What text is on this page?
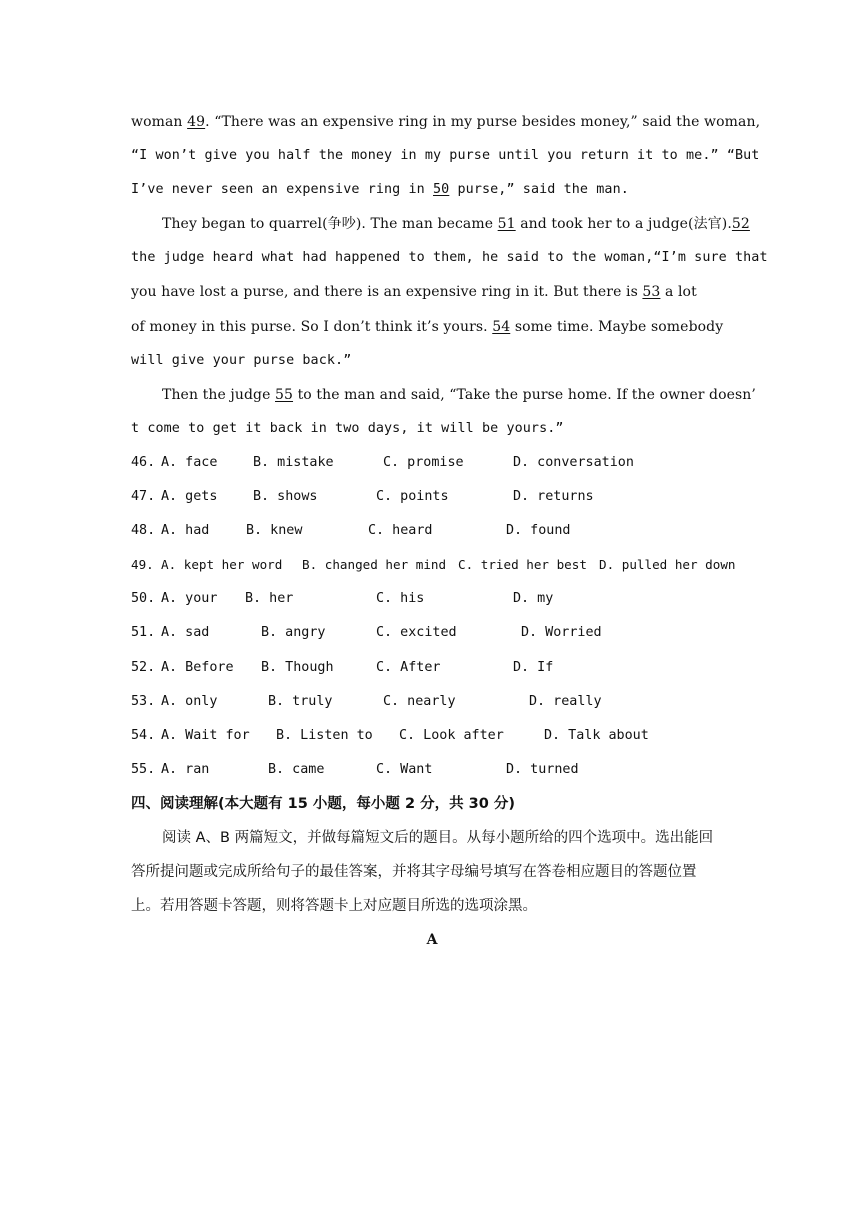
woman 49. “There was an expensive ring in my purse besides money,” said the woman,
“I won’t give you half the money in my purse until you return it to me.” “But
I’ve never seen an expensive ring in 50 purse,” said the man.
They began to quarrel(争吵). The man became 51 and took her to a judge(法官).52
the judge heard what had happened to them, he said to the woman,“I’m sure that
you have lost a purse, and there is an expensive ring in it. But there is 53 a lot
of money in this purse. So I don’t think it’s yours. 54 some time. Maybe somebody
will give your purse back.”
Then the judge 55 to the man and said, “Take the purse home. If the owner doesn’
t come to get it back in two days, it will be yours.”
46. A. face	B. mistake	C. promise	D. conversation
47. A. gets	B. shows	C. points	D. returns
48. A. had	B. knew	C. heard	D. found
49. A. kept her word B. changed her mind C. tried her best D. pulled her down
50. A. your B. her	C. his	D. my
51. A. sad	B. angry	C. excited	D. Worried
52. A. Before B. Though	C. After	D. If
53. A. only	B. truly	C. nearly	D. really
54. A. Wait for B. Listen to C. Look after	D. Talk about
55. A. ran	B. came	C. Want	D. turned
四、阅读理解(本大题有 15 小题，每小题 2 分，共 30 分)
阅读 A、B 两篇短文，并做每篇短文后的题目。从每小题所给的四个选项中。选出能回
答所提问题或完成所给句子的最佳答案，并将其字母编号填写在答卷相应题目的答题位置
上。若用答题卡答题，则将答题卡上对应题目所选的选项涂黑。
A
